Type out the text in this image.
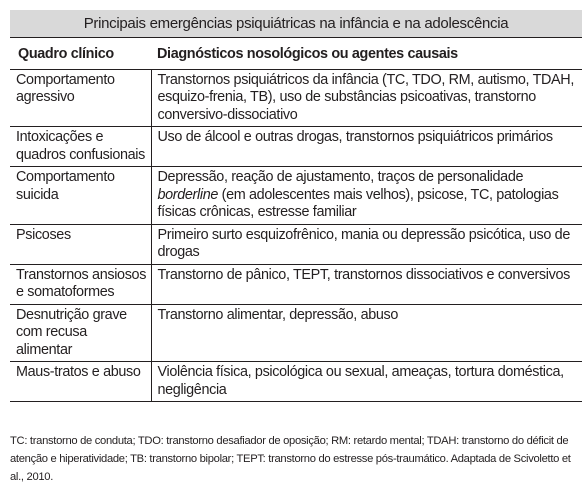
Principais emergências psiquiátricas na infância e na adolescência
Quadro clínico	Diagnósticos nosológicos ou agentes causais
Comportamento agressivo	Transtornos psiquiátricos da infância (TC, TDO, RM, autismo, TDAH, esquizo-frenia, TB), uso de substâncias psicoativas, transtorno conversivo-dissociativo
Intoxicações e quadros confusionais	Uso de álcool e outras drogas, transtornos psiquiátricos primários
Comportamento suicida	Depressão, reação de ajustamento, traços de personalidade borderline (em adolescentes mais velhos), psicose, TC, patologias físicas crônicas, estresse familiar
Psicoses	Primeiro surto esquizofrênico, mania ou depressão psicótica, uso de drogas
Transtornos ansiosos e somatoformes	Transtorno de pânico, TEPT, transtornos dissociativos e conversivos
Desnutrição grave com recusa alimentar	Transtorno alimentar, depressão, abuso
Maus-tratos e abuso	Violência física, psicológica ou sexual, ameaças, tortura doméstica, negligência
TC: transtorno de conduta; TDO: transtorno desafiador de oposição; RM: retardo mental; TDAH: transtorno do déficit de atenção e hiperatividade; TB: transtorno bipolar; TEPT: transtorno do estresse pós-traumático. Adaptada de Scivoletto et al., 2010.
